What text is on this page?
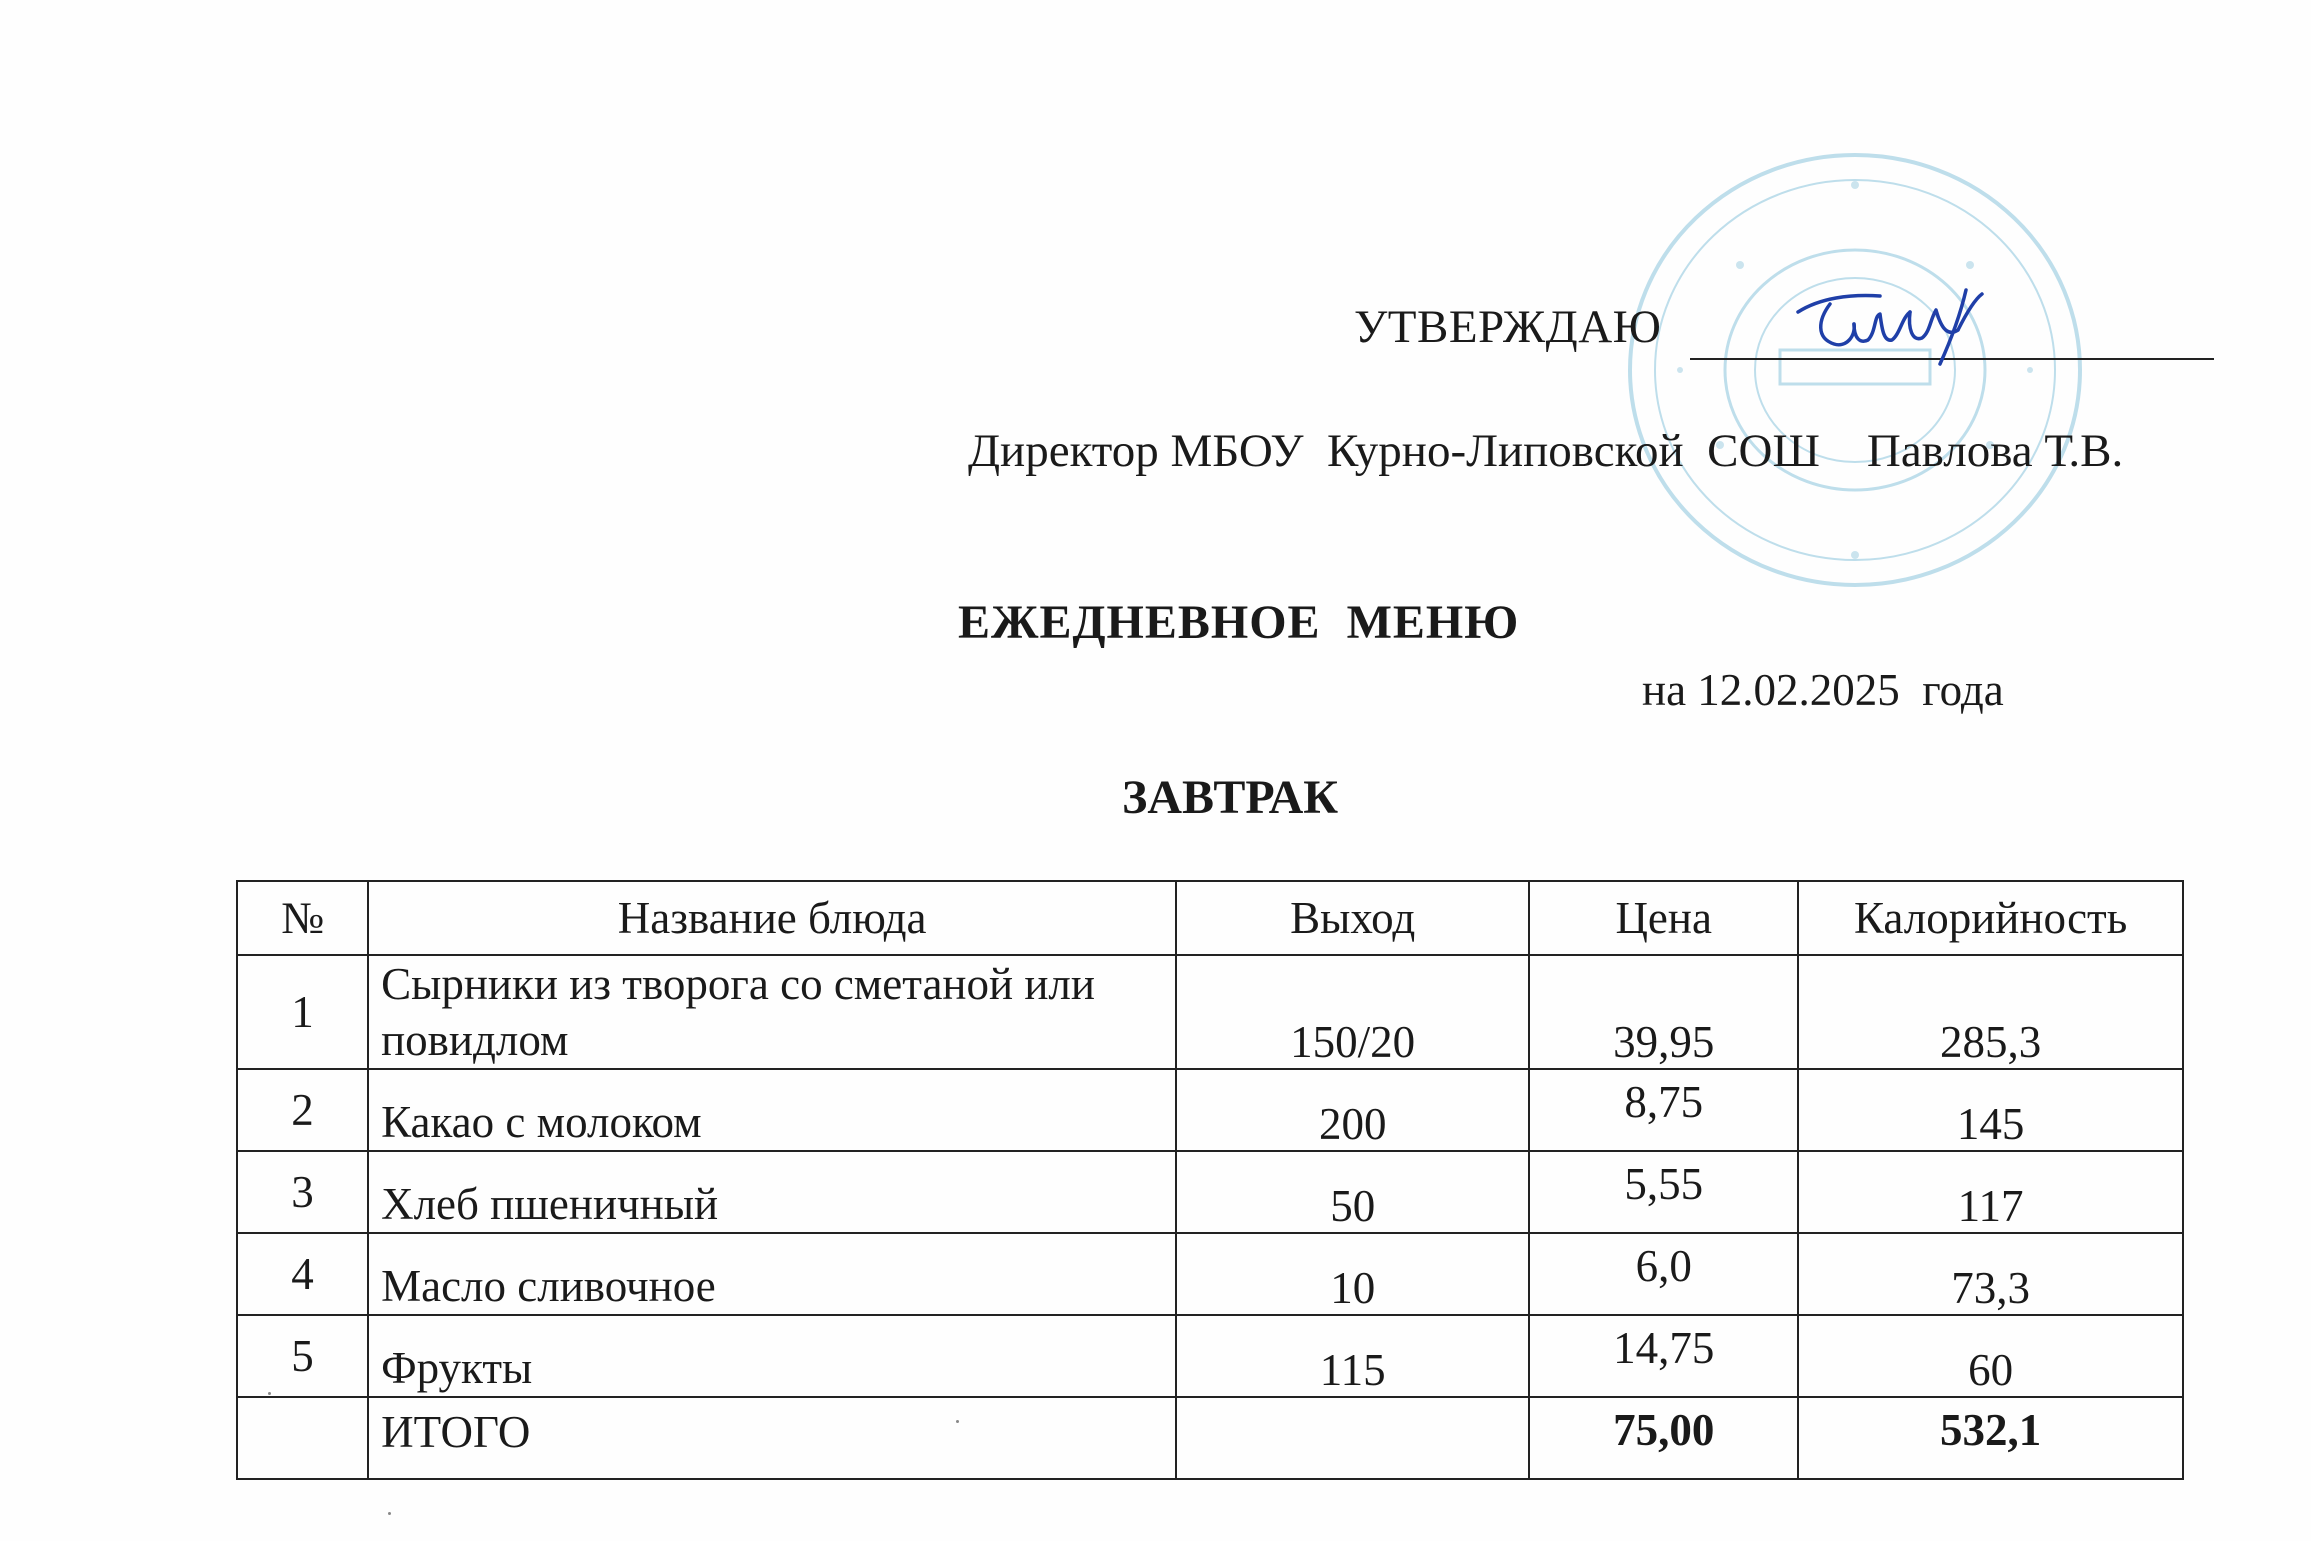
УТВЕРЖДАЮ
Директор МБОУ  Курно-Липовской  СОШ    Павлова Т.В.
ЕЖЕДНЕВНОЕ  МЕНЮ
на 12.02.2025  года
ЗАВТРАК
№	Название блюда	Выход	Цена	Калорийность
1	Сырники из творога со сметаной или повидлом	150/20	39,95	285,3
2	Какао с молоком	200	8,75	145
3	Хлеб пшеничный	50	5,55	117
4	Масло сливочное	10	6,0	73,3
5	Фрукты	115	14,75	60
	ИТОГО		75,00	532,1
